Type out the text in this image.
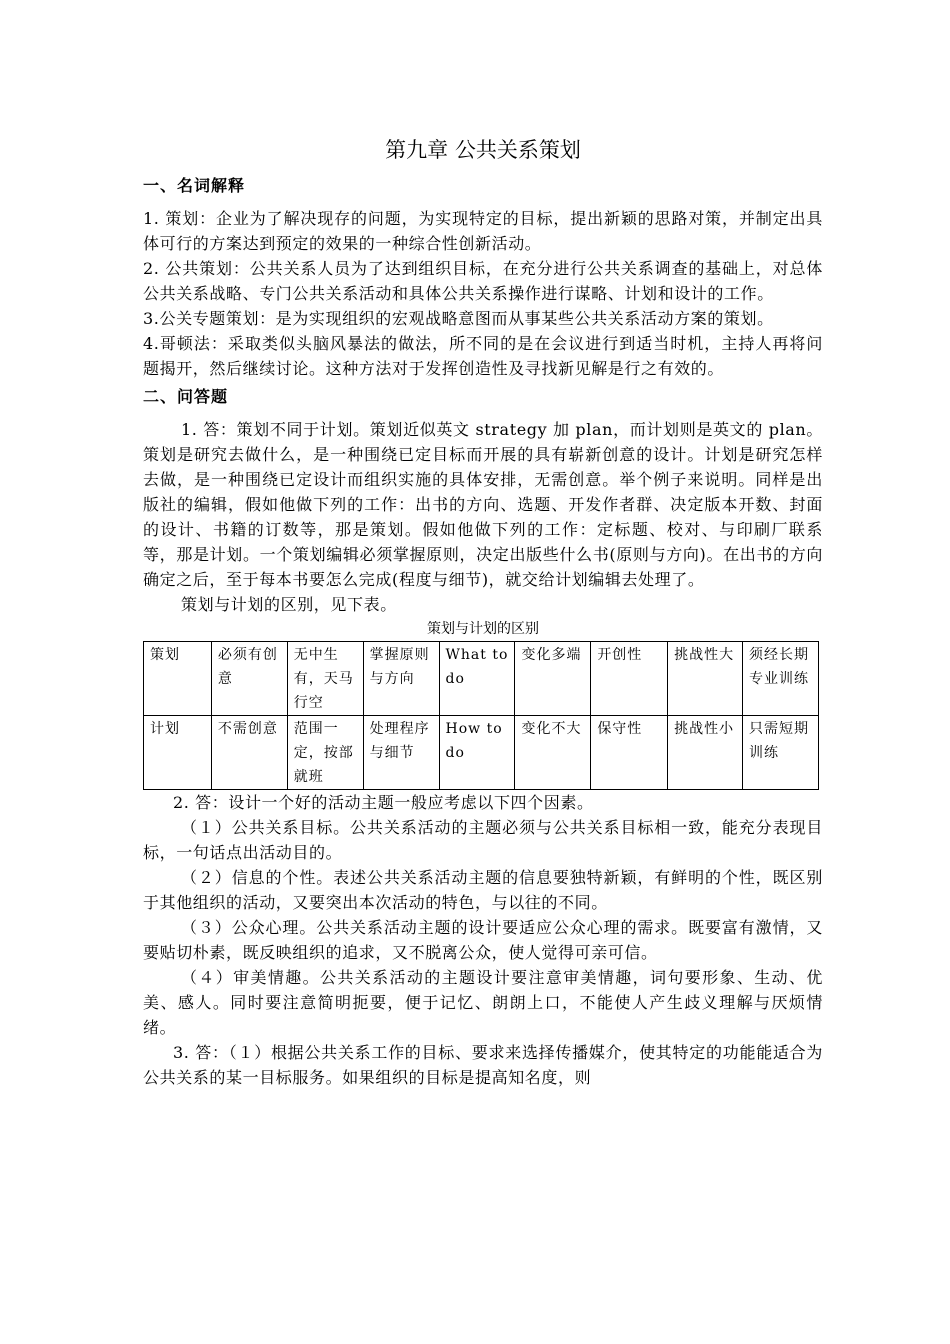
第九章 公共关系策划
一、名词解释

1. 策划：企业为了解决现存的问题，为实现特定的目标，提出新颖的思路对策，并制定出具体可行的方案达到预定的效果的一种综合性创新活动。

2. 公共策划：公共关系人员为了达到组织目标，在充分进行公共关系调查的基础上，对总体公共关系战略、专门公共关系活动和具体公共关系操作进行谋略、计划和设计的工作。

3.公关专题策划：是为实现组织的宏观战略意图而从事某些公共关系活动方案的策划。

4.哥顿法：采取类似头脑风暴法的做法，所不同的是在会议进行到适当时机，主持人再将问题揭开，然后继续讨论。这种方法对于发挥创造性及寻找新见解是行之有效的。

二、问答题

1. 答：策划不同于计划。策划近似英文 strategy 加 plan，而计划则是英文的 plan。策划是研究去做什么，是一种围绕已定目标而开展的具有崭新创意的设计。计划是研究怎样去做，是一种围绕已定设计而组织实施的具体安排，无需创意。举个例子来说明。同样是出版社的编辑，假如他做下列的工作：出书的方向、选题、开发作者群、决定版本开数、封面的设计、书籍的订数等，那是策划。假如他做下列的工作：定标题、校对、与印刷厂联系等，那是计划。一个策划编辑必须掌握原则，决定出版些什么书(原则与方向)。在出书的方向确定之后，至于每本书要怎么完成(程度与细节)，就交给计划编辑去处理了。

策划与计划的区别，见下表。

策划与计划的区别
策划	必须有创意	无中生有，天马行空	掌握原则与方向	What to do	变化多端	开创性	挑战性大	须经长期专业训练
计划	不需创意	范围一定，按部就班	处理程序与细节	How to do	变化不大	保守性	挑战性小	只需短期训练

2. 答：设计一个好的活动主题一般应考虑以下四个因素。

（１）公共关系目标。公共关系活动的主题必须与公共关系目标相一致，能充分表现目标，一句话点出活动目的。

（２）信息的个性。表述公共关系活动主题的信息要独特新颖，有鲜明的个性，既区别于其他组织的活动，又要突出本次活动的特色，与以往的不同。

（３）公众心理。公共关系活动主题的设计要适应公众心理的需求。既要富有激情，又要贴切朴素，既反映组织的追求，又不脱离公众，使人觉得可亲可信。

（４）审美情趣。公共关系活动的主题设计要注意审美情趣，词句要形象、生动、优美、感人。同时要注意简明扼要，便于记忆、朗朗上口，不能使人产生歧义理解与厌烦情绪。

3. 答：（１）根据公共关系工作的目标、要求来选择传播媒介，使其特定的功能能适合为公共关系的某一目标服务。如果组织的目标是提高知名度，则
